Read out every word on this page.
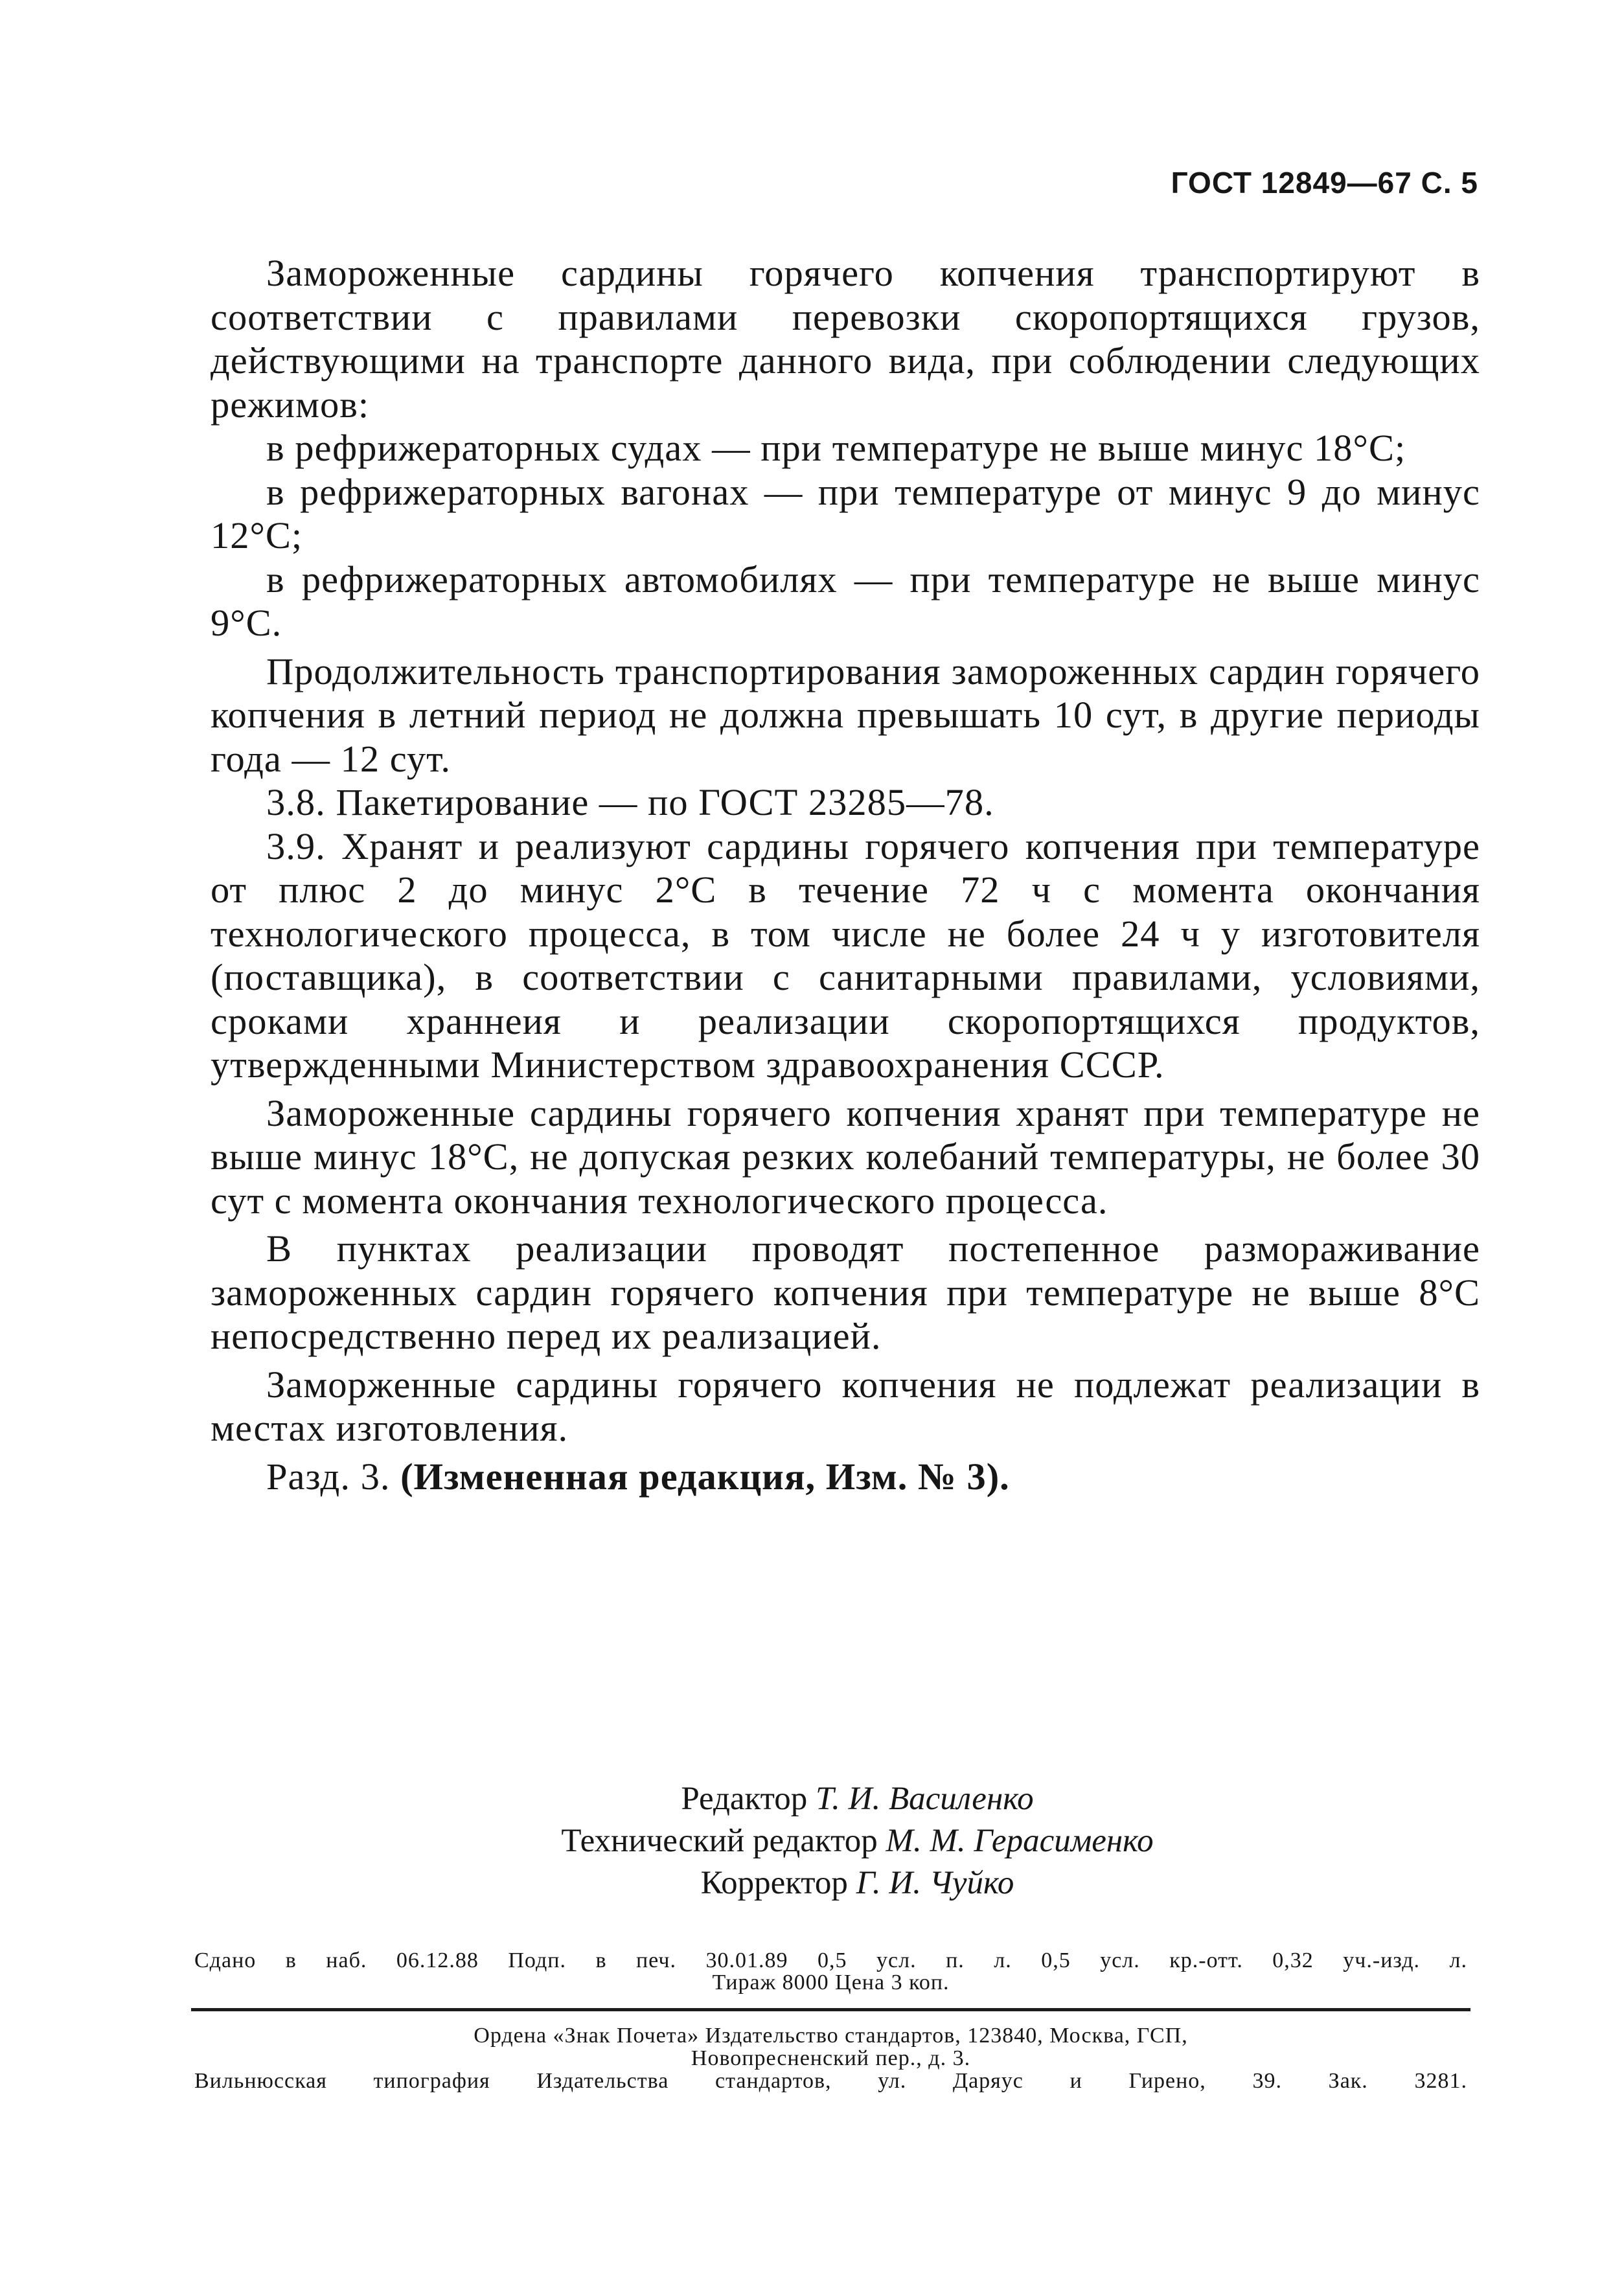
ГОСТ 12849—67 С. 5

Замороженные сардины горячего копчения транспортируют в соответствии с правилами перевозки скоропортящихся грузов, действующими на транспорте данного вида, при соблюдении следующих режимов:

в рефрижераторных судах — при температуре не выше минус 18°С;

в рефрижераторных вагонах — при температуре от минус 9 до минус 12°С;

в рефрижераторных автомобилях — при температуре не выше минус 9°С.

Продолжительность транспортирования замороженных сардин горячего копчения в летний период не должна превышать 10 сут, в другие периоды года — 12 сут.

3.8. Пакетирование — по ГОСТ 23285—78.

3.9. Хранят и реализуют сардины горячего копчения при температуре от плюс 2 до минус 2°С в течение 72 ч с момента окончания технологического процесса, в том числе не более 24 ч у изготовителя (поставщика), в соответствии с санитарными правилами, условиями, сроками храннеия и реализации скоропортящихся продуктов, утвержденными Министерством здравоохранения СССР.

Замороженные сардины горячего копчения хранят при температуре не выше минус 18°С, не допуская резких колебаний температуры, не более 30 сут с момента окончания технологического процесса.

В пунктах реализации проводят постепенное размораживание замороженных сардин горячего копчения при температуре не выше 8°С непосредственно перед их реализацией.

Заморженные сардины горячего копчения не подлежат реализации в местах изготовления.

Разд. 3. (Измененная редакция, Изм. № 3).

Редактор Т. И. Василенко
Технический редактор М. М. Герасименко
Корректор Г. И. Чуйко
Сдано в наб. 06.12.88 Подп. в печ. 30.01.89 0,5 усл. п. л. 0,5 усл. кр.-отт. 0,32 уч.-изд. л.
Тираж 8000 Цена 3 коп.
Ордена «Знак Почета» Издательство стандартов, 123840, Москва, ГСП,
Новопресненский пер., д. 3.
Вильнюсская типография Издательства стандартов, ул. Даряус и Гирено, 39. Зак. 3281.
